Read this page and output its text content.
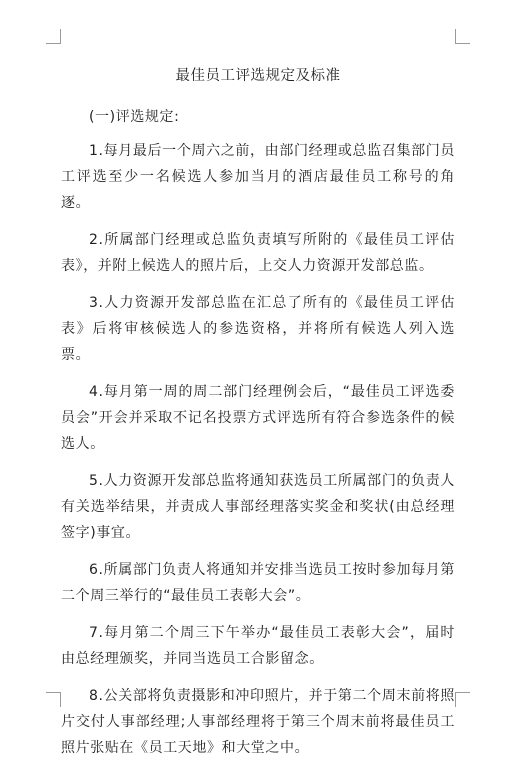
最佳员工评选规定及标准
(一)评选规定:

1.每月最后一个周六之前，由部门经理或总监召集部门员工评选至少一名候选人参加当月的酒店最佳员工称号的角逐。

2.所属部门经理或总监负责填写所附的《最佳员工评估表》，并附上候选人的照片后，上交人力资源开发部总监。

3.人力资源开发部总监在汇总了所有的《最佳员工评估表》后将审核候选人的参选资格，并将所有候选人列入选票。

4.每月第一周的周二部门经理例会后，“最佳员工评选委员会”开会并采取不记名投票方式评选所有符合参选条件的候选人。

5.人力资源开发部总监将通知获选员工所属部门的负责人有关选举结果，并责成人事部经理落实奖金和奖状(由总经理签字)事宜。

6.所属部门负责人将通知并安排当选员工按时参加每月第二个周三举行的“最佳员工表彰大会”。

7.每月第二个周三下午举办“最佳员工表彰大会”，届时由总经理颁奖，并同当选员工合影留念。

8.公关部将负责摄影和冲印照片，并于第二个周末前将照片交付人事部经理;人事部经理将于第三个周末前将最佳员工照片张贴在《员工天地》和大堂之中。
